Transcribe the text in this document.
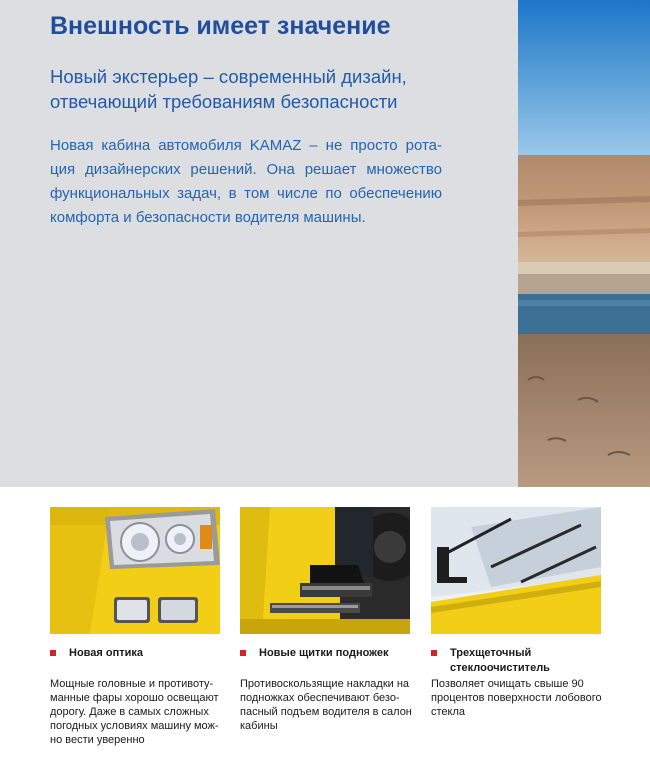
Внешность имеет значение

Новый экстерьер – современный дизайн, отвечающий требованиям безопасности

Новая кабина автомобиля KAMAZ – не просто рота- ция дизайнерских решений. Она решает множество функциональных задач, в том числе по обеспечению комфорта и безопасности водителя машины.

Новая оптика	Новые щитки подножек	Трехщеточный стеклоочиститель

Мощные головные и противоту- манные фары хорошо освещают дорогу. Даже в самых сложных погодных условиях машину мож- но вести уверенно

Противоскользящие накладки на подножках обеспечивают безо- пасный подъем водителя в салон кабины

Позволяет очищать свыше 90 процентов поверхности лобового стекла
